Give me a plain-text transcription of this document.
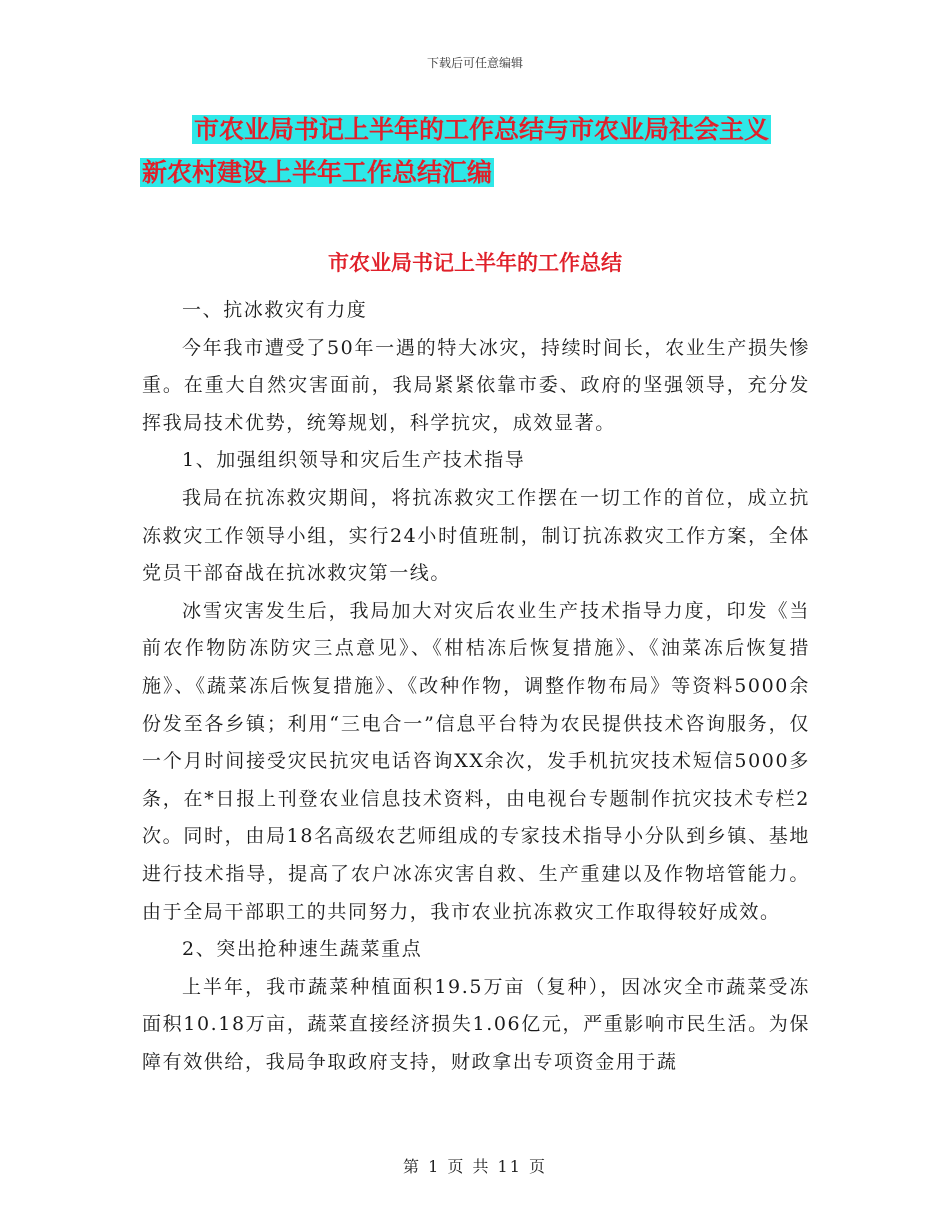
下载后可任意编辑
市农业局书记上半年的工作总结与市农业局社会主义
新农村建设上半年工作总结汇编
市农业局书记上半年的工作总结

一、抗冰救灾有力度

今年我市遭受了50年一遇的特大冰灾，持续时间长，农业生产损失惨重。在重大自然灾害面前，我局紧紧依靠市委、政府的坚强领导，充分发挥我局技术优势，统筹规划，科学抗灾，成效显著。

1、加强组织领导和灾后生产技术指导

我局在抗冻救灾期间，将抗冻救灾工作摆在一切工作的首位，成立抗冻救灾工作领导小组，实行24小时值班制，制订抗冻救灾工作方案，全体党员干部奋战在抗冰救灾第一线。

冰雪灾害发生后，我局加大对灾后农业生产技术指导力度，印发《当前农作物防冻防灾三点意见》、《柑桔冻后恢复措施》、《油菜冻后恢复措施》、《蔬菜冻后恢复措施》、《改种作物，调整作物布局》等资料5000余份发至各乡镇；利用“三电合一”信息平台特为农民提供技术咨询服务，仅一个月时间接受灾民抗灾电话咨询XX余次，发手机抗灾技术短信5000多条，在*日报上刊登农业信息技术资料，由电视台专题制作抗灾技术专栏2次。同时，由局18名高级农艺师组成的专家技术指导小分队到乡镇、基地进行技术指导，提高了农户冰冻灾害自救、生产重建以及作物培管能力。由于全局干部职工的共同努力，我市农业抗冻救灾工作取得较好成效。

2、突出抢种速生蔬菜重点

上半年，我市蔬菜种植面积19.5万亩（复种），因冰灾全市蔬菜受冻面积10.18万亩，蔬菜直接经济损失1.06亿元，严重影响市民生活。为保障有效供给，我局争取政府支持，财政拿出专项资金用于蔬

第 1 页 共 11 页
